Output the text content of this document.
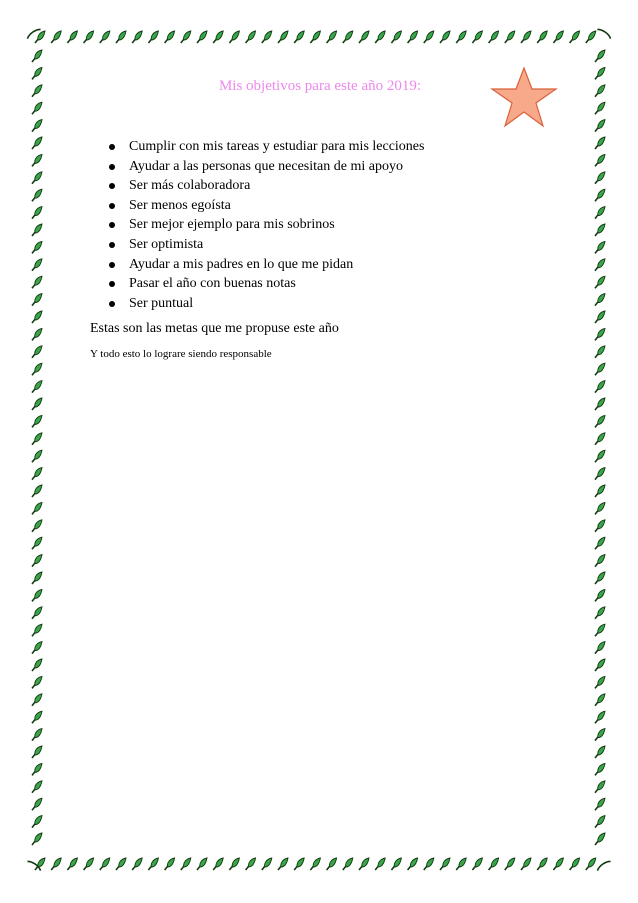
Mis objetivos para este año 2019:
Cumplir con mis tareas y estudiar para mis lecciones
Ayudar a las personas que necesitan de mi apoyo
Ser más colaboradora
Ser menos egoísta
Ser mejor ejemplo para mis sobrinos
Ser optimista
Ayudar a mis padres en lo que me pidan
Pasar el año con buenas notas
Ser puntual
Estas son las metas que me propuse este año
Y todo esto lo lograre siendo responsable
